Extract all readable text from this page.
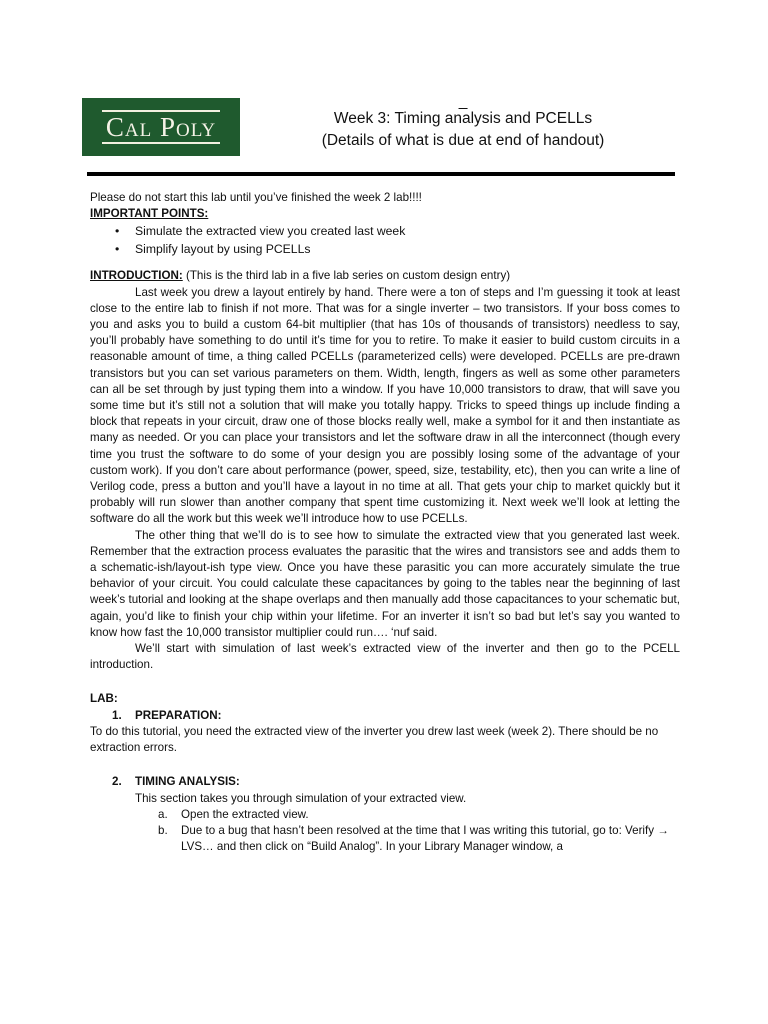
Cal Poly
_
Week 3: Timing analysis and PCELLs
(Details of what is due at end of handout)

Please do not start this lab until you’ve finished the week 2 lab!!!!

IMPORTANT POINTS:

• Simulate the extracted view you created last week
• Simplify layout by using PCELLs

INTRODUCTION: (This is the third lab in a five lab series on custom design entry)

Last week you drew a layout entirely by hand. There were a ton of steps and I’m guessing it took at least close to the entire lab to finish if not more. That was for a single inverter – two transistors. If your boss comes to you and asks you to build a custom 64-bit multiplier (that has 10s of thousands of transistors) needless to say, you’ll probably have something to do until it’s time for you to retire. To make it easier to build custom circuits in a reasonable amount of time, a thing called PCELLs (parameterized cells) were developed. PCELLs are pre-drawn transistors but you can set various parameters on them. Width, length, fingers as well as some other parameters can all be set through by just typing them into a window. If you have 10,000 transistors to draw, that will save you some time but it’s still not a solution that will make you totally happy. Tricks to speed things up include finding a block that repeats in your circuit, draw one of those blocks really well, make a symbol for it and then instantiate as many as needed. Or you can place your transistors and let the software draw in all the interconnect (though every time you trust the software to do some of your design you are possibly losing some of the advantage of your custom work). If you don’t care about performance (power, speed, size, testability, etc), then you can write a line of Verilog code, press a button and you’ll have a layout in no time at all. That gets your chip to market quickly but it probably will run slower than another company that spent time customizing it. Next week we’ll look at letting the software do all the work but this week we’ll introduce how to use PCELLs.

The other thing that we’ll do is to see how to simulate the extracted view that you generated last week. Remember that the extraction process evaluates the parasitic that the wires and transistors see and adds them to a schematic-ish/layout-ish type view. Once you have these parasitic you can more accurately simulate the true behavior of your circuit. You could calculate these capacitances by going to the tables near the beginning of last week’s tutorial and looking at the shape overlaps and then manually add those capacitances to your schematic but, again, you’d like to finish your chip within your lifetime. For an inverter it isn’t so bad but let’s say you wanted to know how fast the 10,000 transistor multiplier could run…. ‘nuf said.

We’ll start with simulation of last week’s extracted view of the inverter and then go to the PCELL introduction.

LAB:

1. PREPARATION:

To do this tutorial, you need the extracted view of the inverter you drew last week (week 2). There should be no extraction errors.

2. TIMING ANALYSIS:

This section takes you through simulation of your extracted view.

a. Open the extracted view.
b. Due to a bug that hasn’t been resolved at the time that I was writing this tutorial, go to: Verify → LVS… and then click on “Build Analog”. In your Library Manager window, a
